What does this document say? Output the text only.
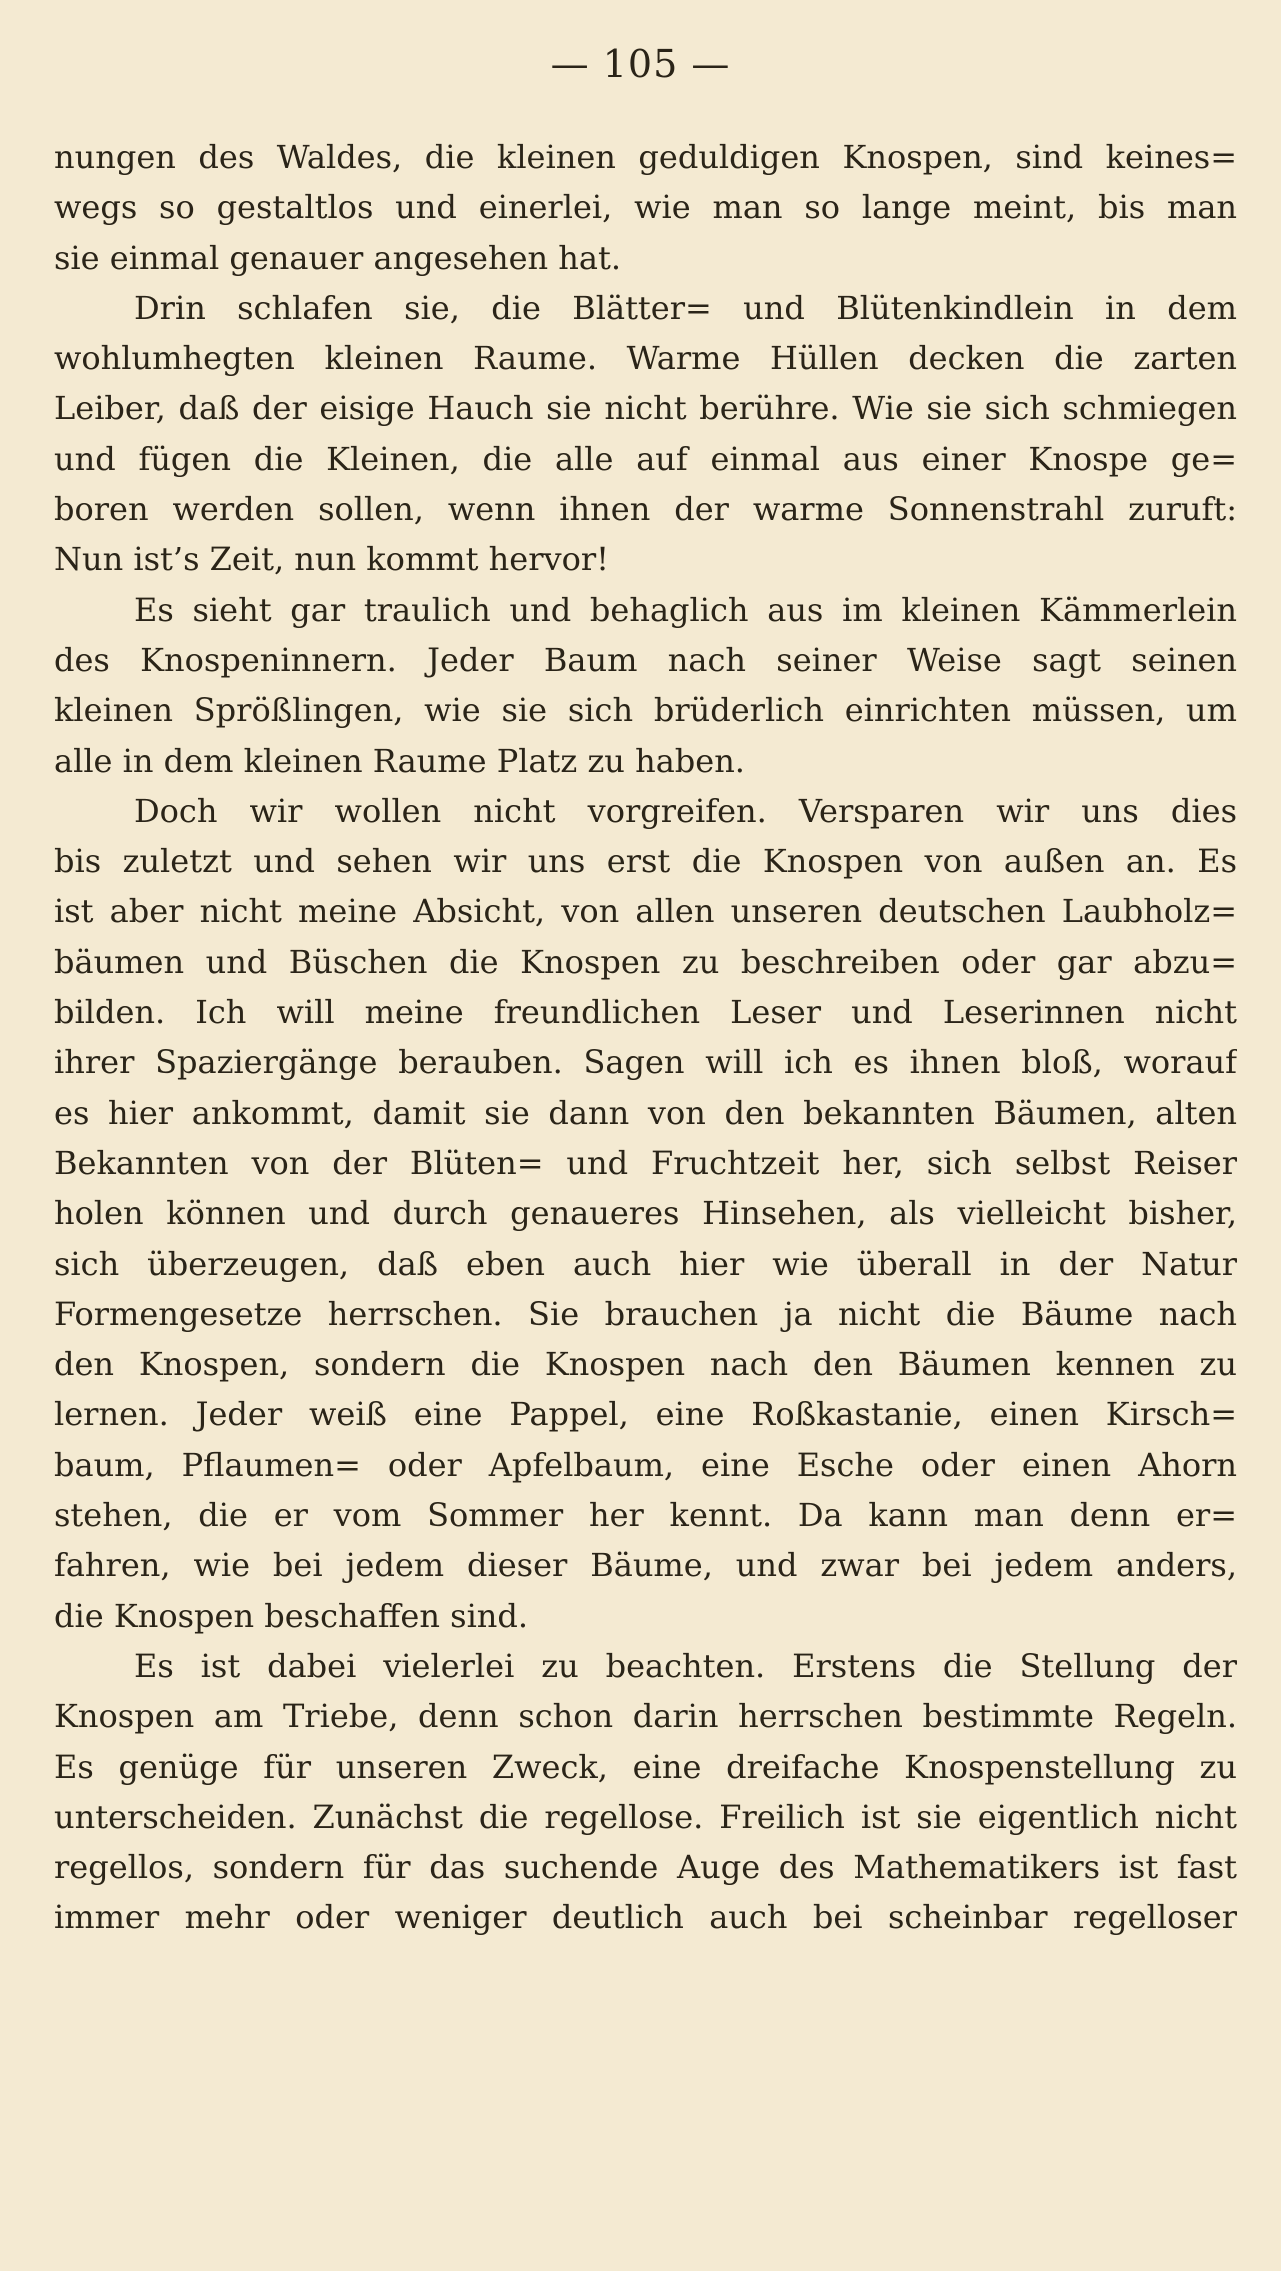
— 105 —
nungen des Waldes, die kleinen geduldigen Knospen, sind keines=
wegs so gestaltlos und einerlei, wie man so lange meint, bis man
sie einmal genauer angesehen hat.
Drin schlafen sie, die Blätter= und Blütenkindlein in dem
wohlumhegten kleinen Raume. Warme Hüllen decken die zarten
Leiber, daß der eisige Hauch sie nicht berühre. Wie sie sich schmiegen
und fügen die Kleinen, die alle auf einmal aus einer Knospe ge=
boren werden sollen, wenn ihnen der warme Sonnenstrahl zuruft:
Nun ist’s Zeit, nun kommt hervor!
Es sieht gar traulich und behaglich aus im kleinen Kämmerlein
des Knospeninnern. Jeder Baum nach seiner Weise sagt seinen
kleinen Sprößlingen, wie sie sich brüderlich einrichten müssen, um
alle in dem kleinen Raume Platz zu haben.
Doch wir wollen nicht vorgreifen. Versparen wir uns dies
bis zuletzt und sehen wir uns erst die Knospen von außen an. Es
ist aber nicht meine Absicht, von allen unseren deutschen Laubholz=
bäumen und Büschen die Knospen zu beschreiben oder gar abzu=
bilden. Ich will meine freundlichen Leser und Leserinnen nicht
ihrer Spaziergänge berauben. Sagen will ich es ihnen bloß, worauf
es hier ankommt, damit sie dann von den bekannten Bäumen, alten
Bekannten von der Blüten= und Fruchtzeit her, sich selbst Reiser
holen können und durch genaueres Hinsehen, als vielleicht bisher,
sich überzeugen, daß eben auch hier wie überall in der Natur
Formengesetze herrschen. Sie brauchen ja nicht die Bäume nach
den Knospen, sondern die Knospen nach den Bäumen kennen zu
lernen. Jeder weiß eine Pappel, eine Roßkastanie, einen Kirsch=
baum, Pflaumen= oder Apfelbaum, eine Esche oder einen Ahorn
stehen, die er vom Sommer her kennt. Da kann man denn er=
fahren, wie bei jedem dieser Bäume, und zwar bei jedem anders,
die Knospen beschaffen sind.
Es ist dabei vielerlei zu beachten. Erstens die Stellung der
Knospen am Triebe, denn schon darin herrschen bestimmte Regeln.
Es genüge für unseren Zweck, eine dreifache Knospenstellung zu
unterscheiden. Zunächst die regellose. Freilich ist sie eigentlich nicht
regellos, sondern für das suchende Auge des Mathematikers ist fast
immer mehr oder weniger deutlich auch bei scheinbar regelloser
